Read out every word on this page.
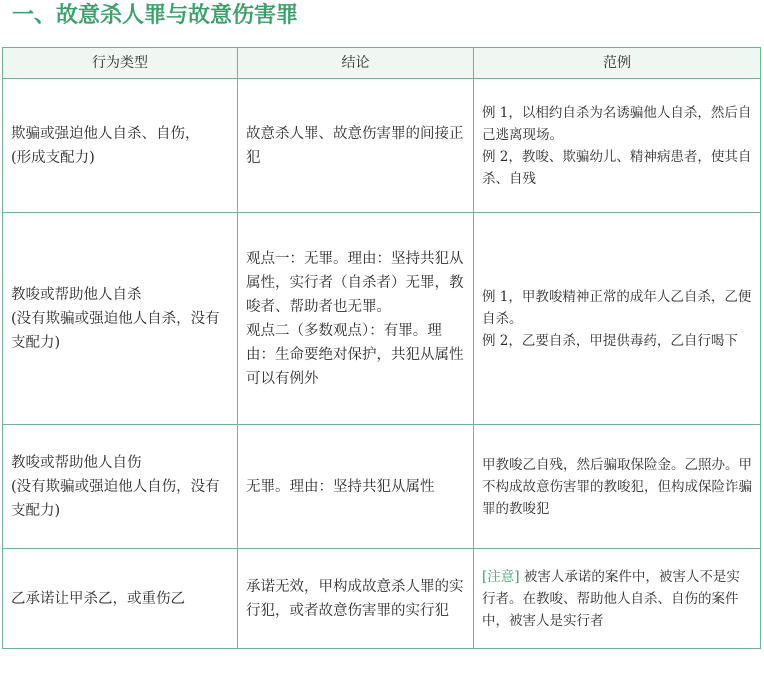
一、故意杀人罪与故意伤害罪
行为类型	结论	范例

欺骗或强迫他人自杀、自伤，
(形成支配力)	故意杀人罪、故意伤害罪的间接正犯	例 1，以相约自杀为名诱骗他人自杀，然后自己逃离现场。
例 2，教唆、欺骗幼儿、精神病患者，使其自杀、自残

教唆或帮助他人自杀
(没有欺骗或强迫他人自杀，没有支配力)	观点一：无罪。理由：坚持共犯从属性，实行者（自杀者）无罪，教唆者、帮助者也无罪。
观点二（多数观点）：有罪。理由：生命要绝对保护，共犯从属性可以有例外	例 1，甲教唆精神正常的成年人乙自杀，乙便自杀。
例 2，乙要自杀，甲提供毒药，乙自行喝下

教唆或帮助他人自伤
(没有欺骗或强迫他人自伤，没有支配力)	无罪。理由：坚持共犯从属性	甲教唆乙自残，然后骗取保险金。乙照办。甲不构成故意伤害罪的教唆犯，但构成保险诈骗罪的教唆犯

乙承诺让甲杀乙，或重伤乙	承诺无效，甲构成故意杀人罪的实行犯，或者故意伤害罪的实行犯	[注意] 被害人承诺的案件中，被害人不是实行者。在教唆、帮助他人自杀、自伤的案件中，被害人是实行者
